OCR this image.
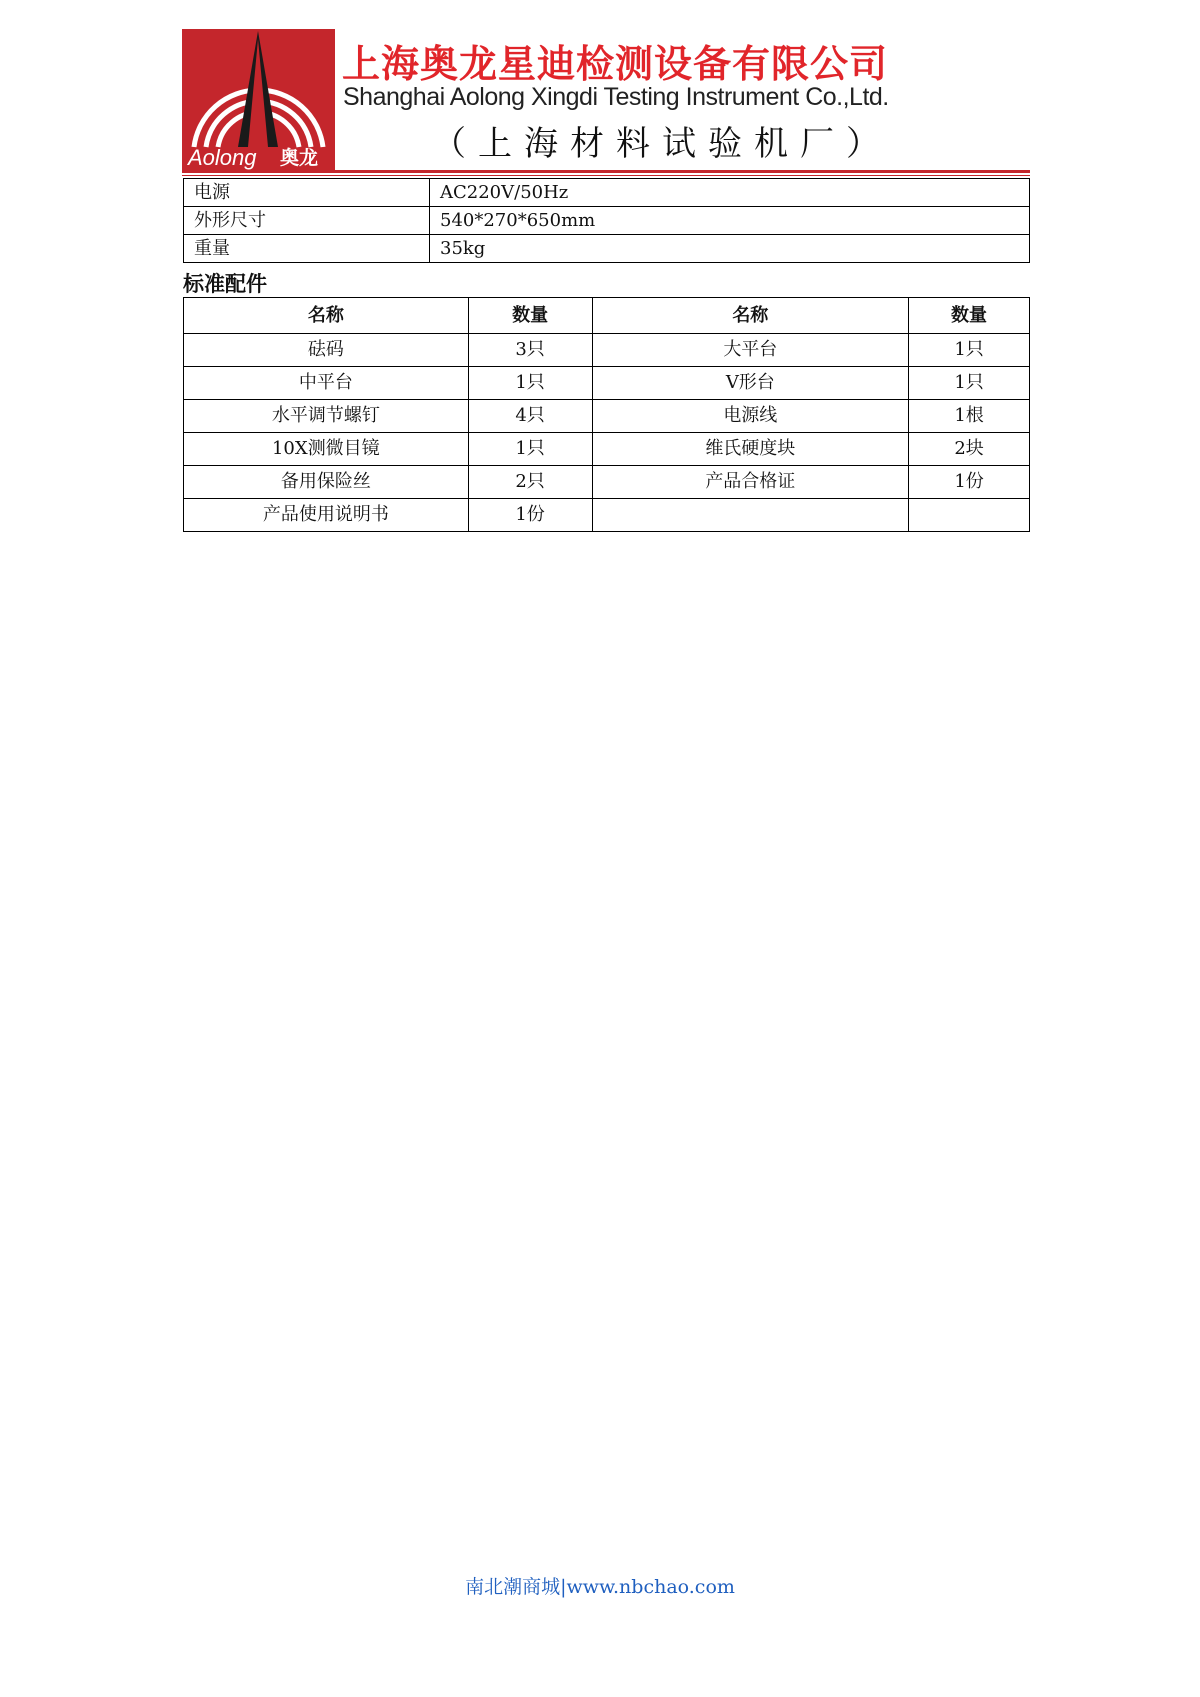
Aolong 奥龙
上海奥龙星迪检测设备有限公司
Shanghai Aolong Xingdi Testing Instrument Co.,Ltd.
（上海材料试验机厂）
电源	AC220V/50Hz
外形尺寸	540*270*650mm
重量	35kg
标准配件
名称	数量	名称	数量
砝码	3只	大平台	1只
中平台	1只	V形台	1只
水平调节螺钉	4只	电源线	1根
10X测微目镜	1只	维氏硬度块	2块
备用保险丝	2只	产品合格证	1份
产品使用说明书	1份		
南北潮商城|www.nbchao.com
